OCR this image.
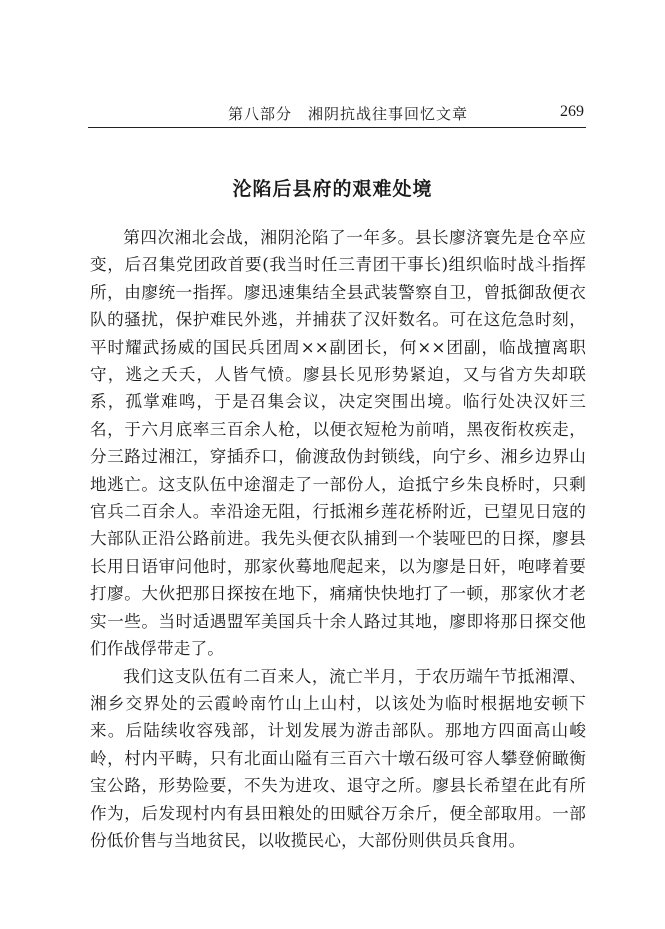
第八部分　湘阴抗战往事回忆文章	269
沦陷后县府的艰难处境

第四次湘北会战，湘阴沦陷了一年多。县长廖济寰先是仓卒应变，后召集党团政首要(我当时任三青团干事长)组织临时战斗指挥所，由廖统一指挥。廖迅速集结全县武装警察自卫，曾抵御敌便衣队的骚扰，保护难民外逃，并捕获了汉奸数名。可在这危急时刻，平时耀武扬威的国民兵团周××副团长，何××团副，临战擅离职守，逃之夭夭，人皆气愤。廖县长见形势紧迫，又与省方失却联系，孤掌难鸣，于是召集会议，决定突围出境。临行处决汉奸三名，于六月底率三百余人枪，以便衣短枪为前哨，黑夜衔枚疾走，分三路过湘江，穿插乔口，偷渡敌伪封锁线，向宁乡、湘乡边界山地逃亡。这支队伍中途溜走了一部份人，迨抵宁乡朱良桥时，只剩官兵二百余人。幸沿途无阻，行抵湘乡莲花桥附近，已望见日寇的大部队正沿公路前进。我先头便衣队捕到一个装哑巴的日探，廖县长用日语审问他时，那家伙蓦地爬起来，以为廖是日奸，咆哮着要打廖。大伙把那日探按在地下，痛痛快快地打了一顿，那家伙才老实一些。当时适遇盟军美国兵十余人路过其地，廖即将那日探交他们作战俘带走了。

我们这支队伍有二百来人，流亡半月，于农历端午节抵湘潭、湘乡交界处的云霞岭南竹山上山村，以该处为临时根据地安顿下来。后陆续收容残部，计划发展为游击部队。那地方四面高山峻岭，村内平畴，只有北面山隘有三百六十墩石级可容人攀登俯瞰衡宝公路，形势险要，不失为进攻、退守之所。廖县长希望在此有所作为，后发现村内有县田粮处的田赋谷万余斤，便全部取用。一部份低价售与当地贫民，以收揽民心，大部份则供员兵食用。
